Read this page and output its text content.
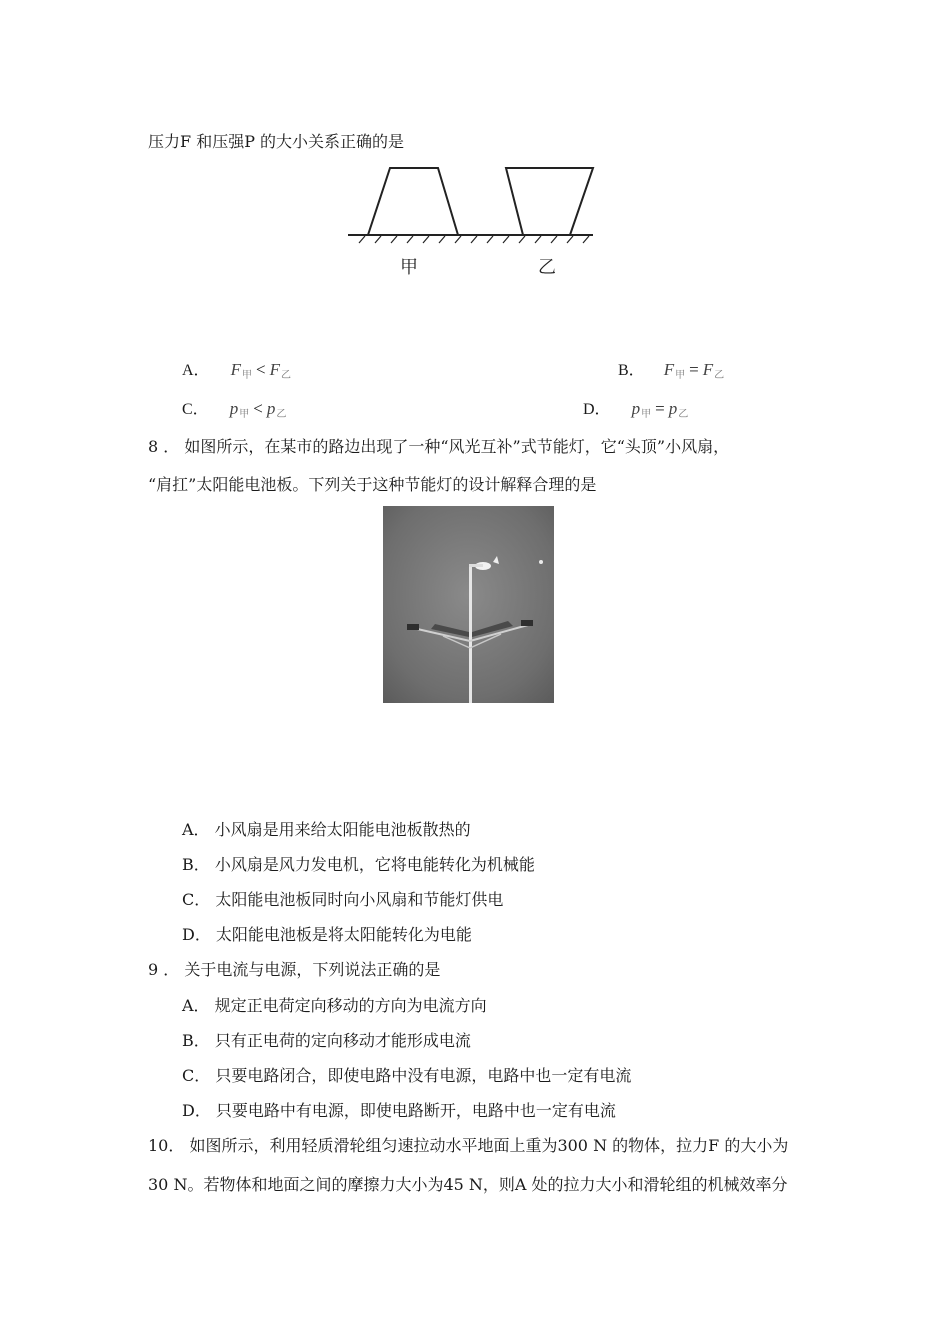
压力F 和压强P 的大小关系正确的是
甲	乙
A． F甲 < F乙	B． F甲 = F乙
C． p甲 < p乙	D． p甲 = p乙
8 ． 如图所示，在某市的路边出现了一种“风光互补”式节能灯，它“头顶”小风扇，
“肩扛”太阳能电池板。下列关于这种节能灯的设计解释合理的是
A． 小风扇是用来给太阳能电池板散热的
B． 小风扇是风力发电机，它将电能转化为机械能
C． 太阳能电池板同时向小风扇和节能灯供电
D． 太阳能电池板是将太阳能转化为电能
9 ． 关于电流与电源，下列说法正确的是
A． 规定正电荷定向移动的方向为电流方向
B． 只有正电荷的定向移动才能形成电流
C． 只要电路闭合，即使电路中没有电源，电路中也一定有电流
D． 只要电路中有电源，即使电路断开，电路中也一定有电流
10． 如图所示，利用轻质滑轮组匀速拉动水平地面上重为300 N 的物体，拉力F 的大小为
30 N。若物体和地面之间的摩擦力大小为45 N，则A 处的拉力大小和滑轮组的机械效率分
